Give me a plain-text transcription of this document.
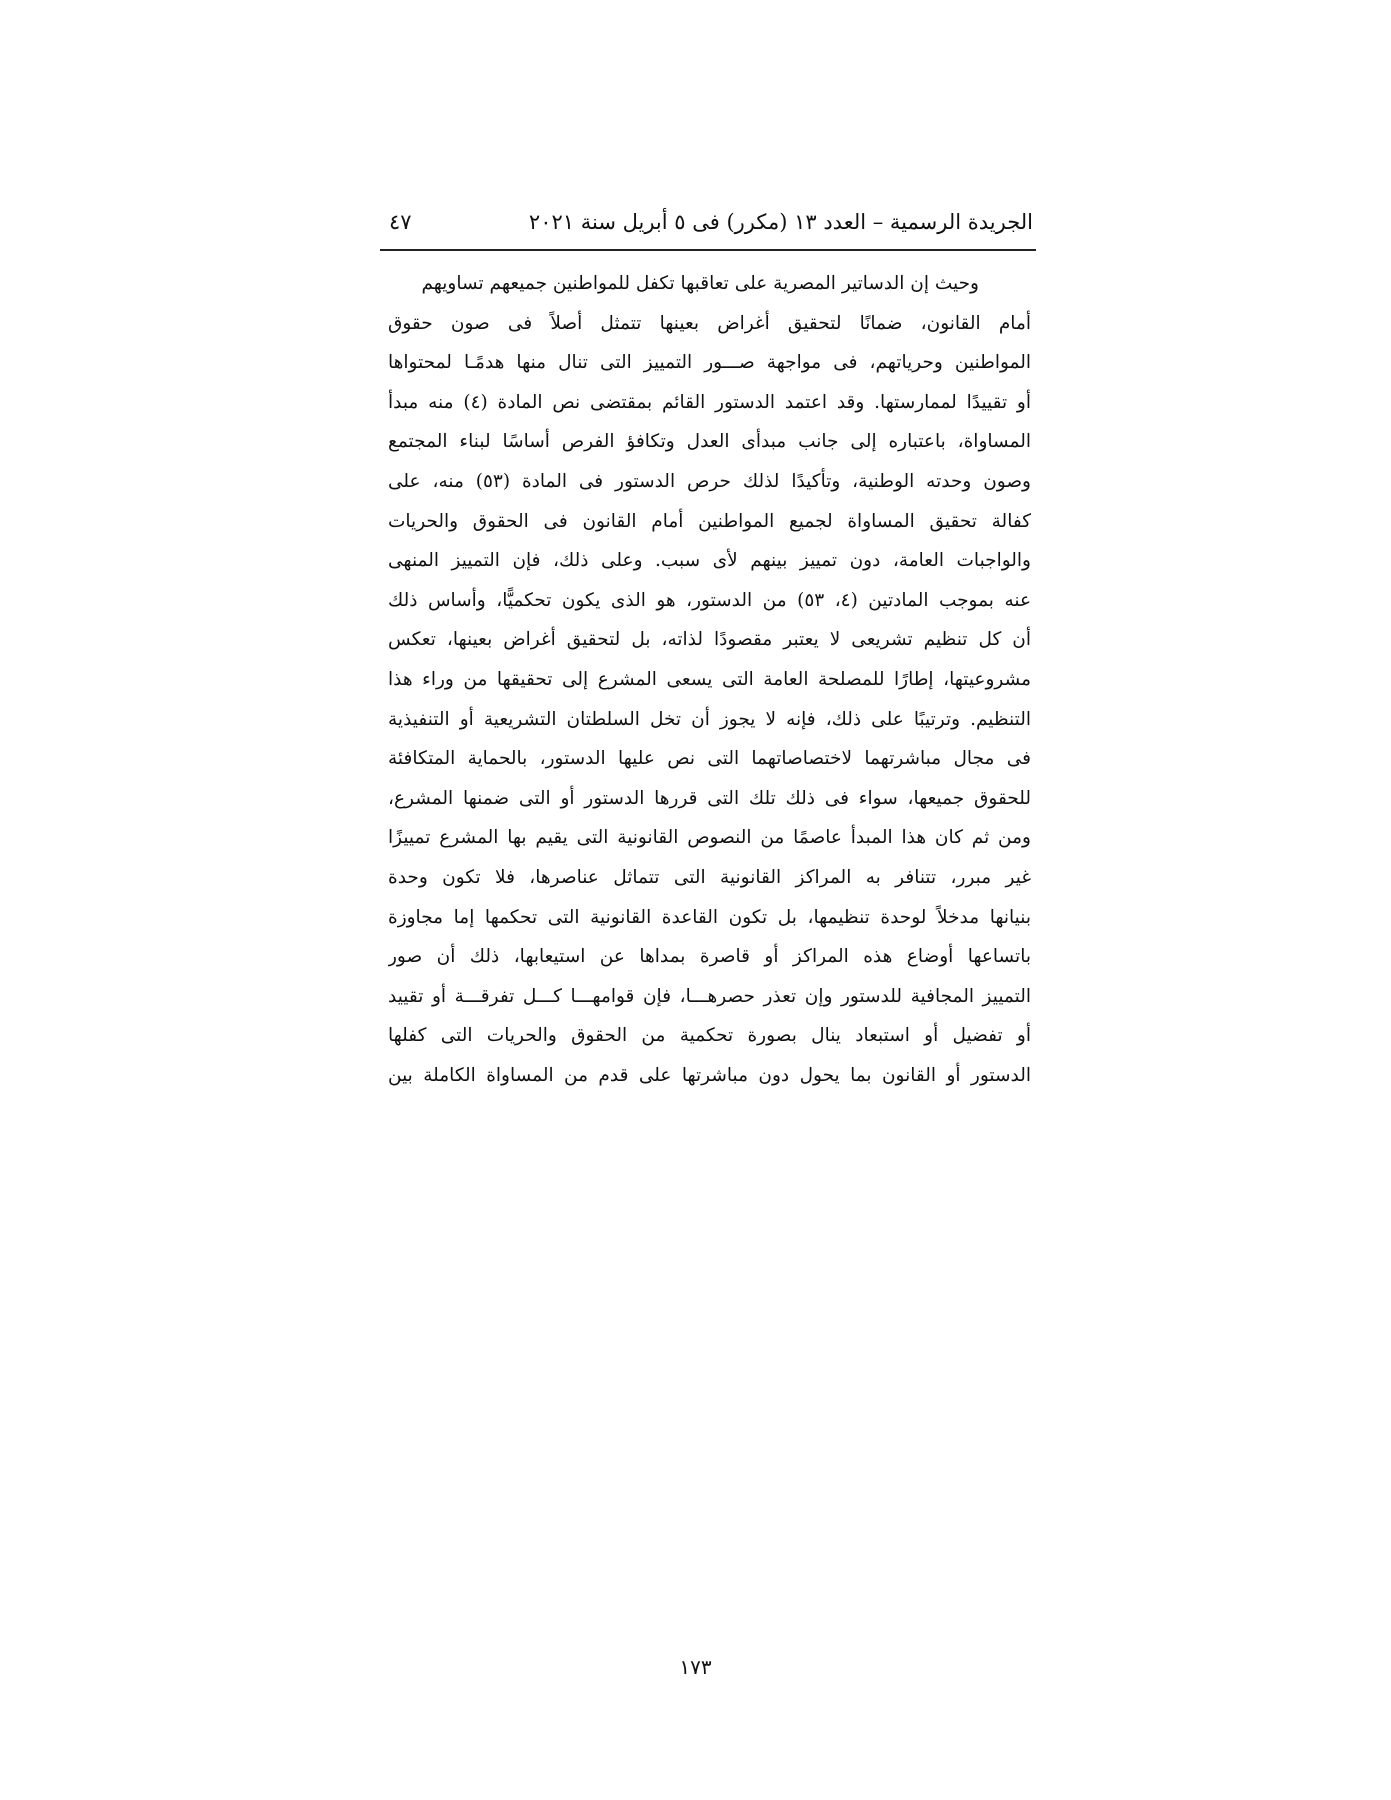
الجريدة الرسمية – العدد ١٣ (مكرر) فى ٥ أبريل سنة ٢٠٢١
٤٧
وحيث إن الدساتير المصرية على تعاقبها تكفل للمواطنين جميعهم تساويهم
أمام القانون، ضمانًا لتحقيق أغراض بعينها تتمثل أصلاً فى صون حقوق
المواطنين وحرياتهم، فى مواجهة صـــور التمييز التى تنال منها هدمًـا لمحتواها
أو تقييدًا لممارستها. وقد اعتمد الدستور القائم بمقتضى نص المادة (٤) منه مبدأ
المساواة، باعتباره إلى جانب مبدأى العدل وتكافؤ الفرص أساسًا لبناء المجتمع
وصون وحدته الوطنية، وتأكيدًا لذلك حرص الدستور فى المادة (٥٣) منه، على
كفالة تحقيق المساواة لجميع المواطنين أمام القانون فى الحقوق والحريات
والواجبات العامة، دون تمييز بينهم لأى سبب. وعلى ذلك، فإن التمييز المنهى
عنه بموجب المادتين (٤، ٥٣) من الدستور، هو الذى يكون تحكميًّا، وأساس ذلك
أن كل تنظيم تشريعى لا يعتبر مقصودًا لذاته، بل لتحقيق أغراض بعينها، تعكس
مشروعيتها، إطارًا للمصلحة العامة التى يسعى المشرع إلى تحقيقها من وراء هذا
التنظيم. وترتيبًا على ذلك، فإنه لا يجوز أن تخل السلطتان التشريعية أو التنفيذية
فى مجال مباشرتهما لاختصاصاتهما التى نص عليها الدستور، بالحماية المتكافئة
للحقوق جميعها، سواء فى ذلك تلك التى قررها الدستور أو التى ضمنها المشرع،
ومن ثم كان هذا المبدأ عاصمًا من النصوص القانونية التى يقيم بها المشرع تمييزًا
غير مبرر، تتنافر به المراكز القانونية التى تتماثل عناصرها، فلا تكون وحدة
بنيانها مدخلاً لوحدة تنظيمها، بل تكون القاعدة القانونية التى تحكمها إما مجاوزة
باتساعها أوضاع هذه المراكز أو قاصرة بمداها عن استيعابها، ذلك أن صور
التمييز المجافية للدستور وإن تعذر حصرهـــا، فإن قوامهـــا كـــل تفرقـــة أو تقييد
أو تفضيل أو استبعاد ينال بصورة تحكمية من الحقوق والحريات التى كفلها
الدستور أو القانون بما يحول دون مباشرتها على قدم من المساواة الكاملة بين
١٧٣
